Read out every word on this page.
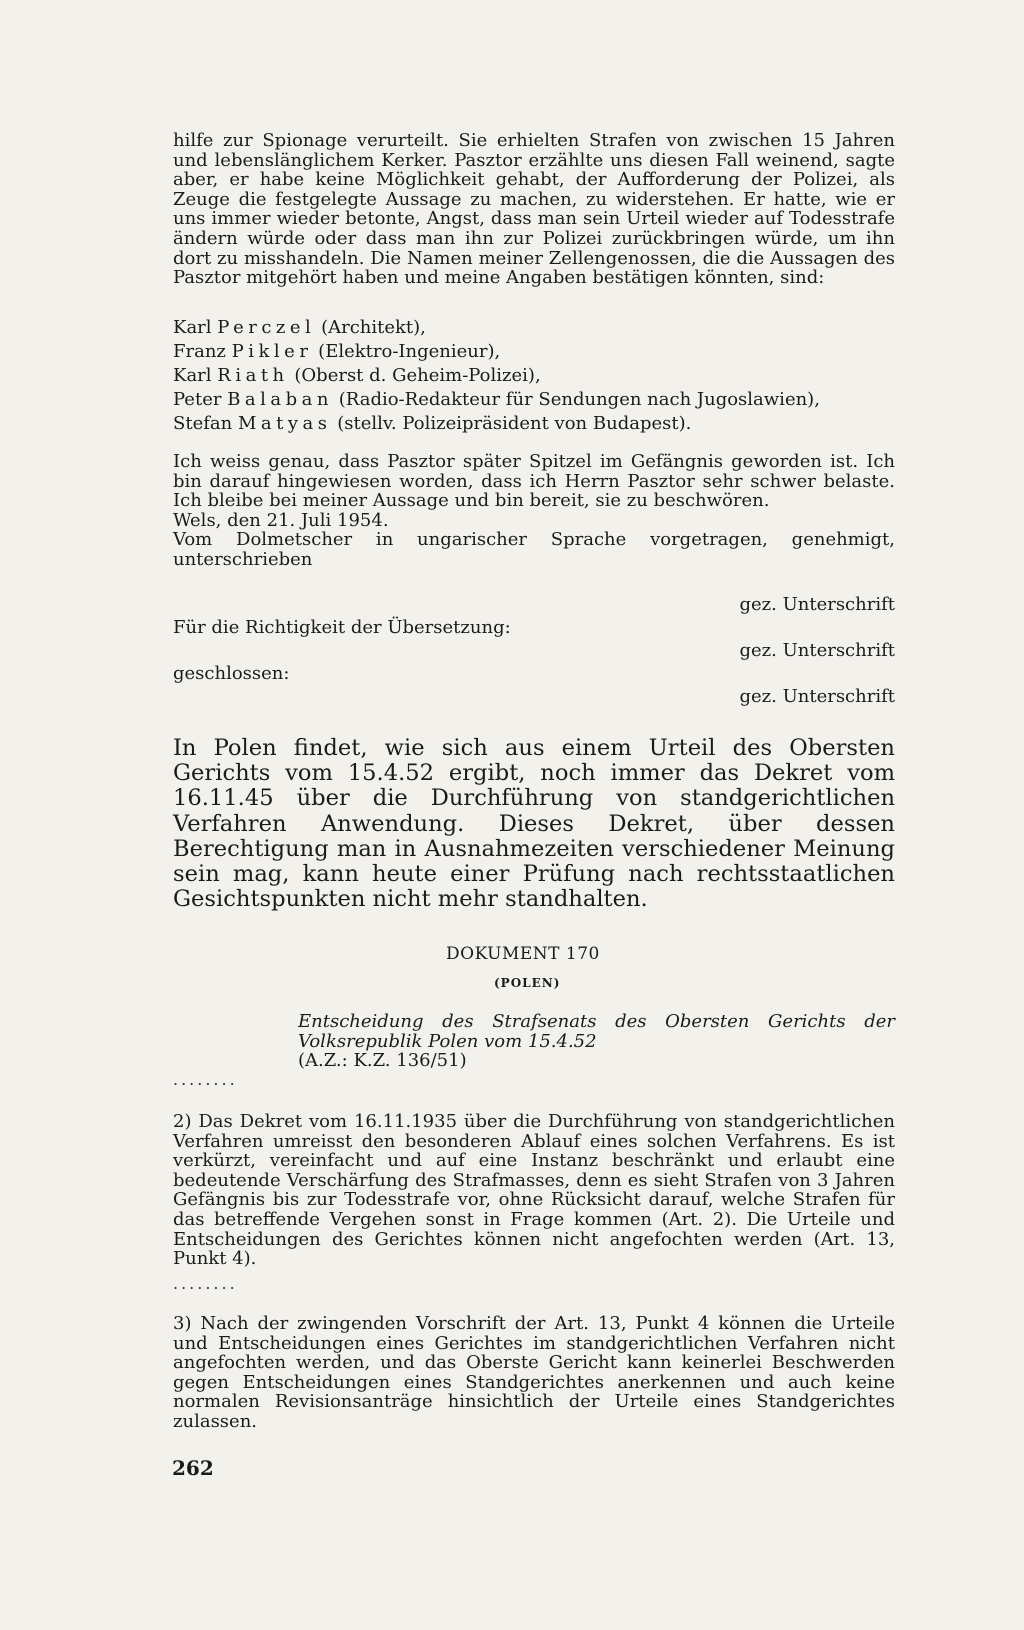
hilfe zur Spionage verurteilt. Sie erhielten Strafen von zwischen 15 Jahren und lebenslänglichem Kerker. Pasztor erzählte uns diesen Fall weinend, sagte aber, er habe keine Möglichkeit gehabt, der Aufforderung der Polizei, als Zeuge die festgelegte Aussage zu machen, zu widerstehen. Er hatte, wie er uns immer wieder betonte, Angst, dass man sein Urteil wieder auf Todesstrafe ändern würde oder dass man ihn zur Polizei zurückbringen würde, um ihn dort zu misshandeln. Die Namen meiner Zellengenossen, die die Aussagen des Pasztor mitgehört haben und meine Angaben bestätigen könnten, sind:

Karl Perczel (Architekt),
Franz Pikler (Elektro-Ingenieur),
Karl Riath (Oberst d. Geheim-Polizei),
Peter Balaban (Radio-Redakteur für Sendungen nach Jugoslawien),
Stefan Matyas (stellv. Polizeipräsident von Budapest).

Ich weiss genau, dass Pasztor später Spitzel im Gefängnis geworden ist. Ich bin darauf hingewiesen worden, dass ich Herrn Pasztor sehr schwer belaste. Ich bleibe bei meiner Aussage und bin bereit, sie zu beschwören.

Wels, den 21. Juli 1954.

Vom Dolmetscher in ungarischer Sprache vorgetragen, genehmigt, unterschrieben

gez. Unterschrift
Für die Richtigkeit der Übersetzung:
gez. Unterschrift
geschlossen:
gez. Unterschrift
In Polen findet, wie sich aus einem Urteil des Obersten Gerichts vom 15.4.52 ergibt, noch immer das Dekret vom 16.11.45 über die Durchführung von standgerichtlichen Verfahren Anwendung. Dieses Dekret, über dessen Berechtigung man in Ausnahmezeiten verschiedener Meinung sein mag, kann heute einer Prüfung nach rechtsstaatlichen Gesichtspunkten nicht mehr standhalten.
DOKUMENT 170
(POLEN)
Entscheidung des Strafsenats des Obersten Gerichts der Volksrepublik Polen vom 15.4.52
(A.Z.: K.Z. 136/51)
........

2) Das Dekret vom 16.11.1935 über die Durchführung von standgerichtlichen Verfahren umreisst den besonderen Ablauf eines solchen Verfahrens. Es ist verkürzt, vereinfacht und auf eine Instanz beschränkt und erlaubt eine bedeutende Verschärfung des Strafmasses, denn es sieht Strafen von 3 Jahren Gefängnis bis zur Todesstrafe vor, ohne Rücksicht darauf, welche Strafen für das betreffende Vergehen sonst in Frage kommen (Art. 2). Die Urteile und Entscheidungen des Gerichtes können nicht angefochten werden (Art. 13, Punkt 4).

........

3) Nach der zwingenden Vorschrift der Art. 13, Punkt 4 können die Urteile und Entscheidungen eines Gerichtes im standgerichtlichen Verfahren nicht angefochten werden, und das Oberste Gericht kann keinerlei Beschwerden gegen Entscheidungen eines Standgerichtes anerkennen und auch keine normalen Revisionsanträge hinsichtlich der Urteile eines Standgerichtes zulassen.

262
